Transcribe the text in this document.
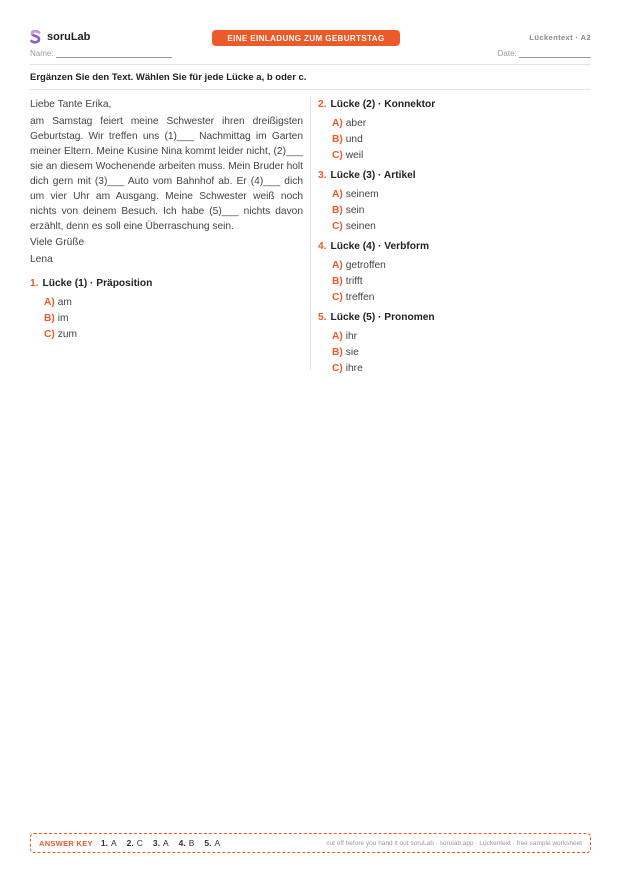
soruLab	EINE EINLADUNG ZUM GEBURTSTAG	Lückentext · A2
Name:	Date:
Ergänzen Sie den Text. Wählen Sie für jede Lücke a, b oder c.

Liebe Tante Erika,

am Samstag feiert meine Schwester ihren dreißigsten Geburtstag. Wir treffen uns (1)___ Nachmittag im Garten meiner Eltern. Meine Kusine Nina kommt leider nicht, (2)___ sie an diesem Wochenende arbeiten muss. Mein Bruder holt dich gern mit (3)___ Auto vom Bahnhof ab. Er (4)___ dich um vier Uhr am Ausgang. Meine Schwester weiß noch nichts von deinem Besuch. Ich habe (5)___ nichts davon erzählt, denn es soll eine Überraschung sein.

Viele Grüße

Lena

1. Lücke (1) · Präposition
A) am
B) im
C) zum
2. Lücke (2) · Konnektor
A) aber
B) und
C) weil
3. Lücke (3) · Artikel
A) seinem
B) sein
C) seinen
4. Lücke (4) · Verbform
A) getroffen
B) trifft
C) treffen
5. Lücke (5) · Pronomen
A) ihr
B) sie
C) ihre
ANSWER KEY 1. A 2. C 3. A 4. B 5. A	cut off before you hand it out soruLab · sorulab.app · Lückentext · free sample worksheet
